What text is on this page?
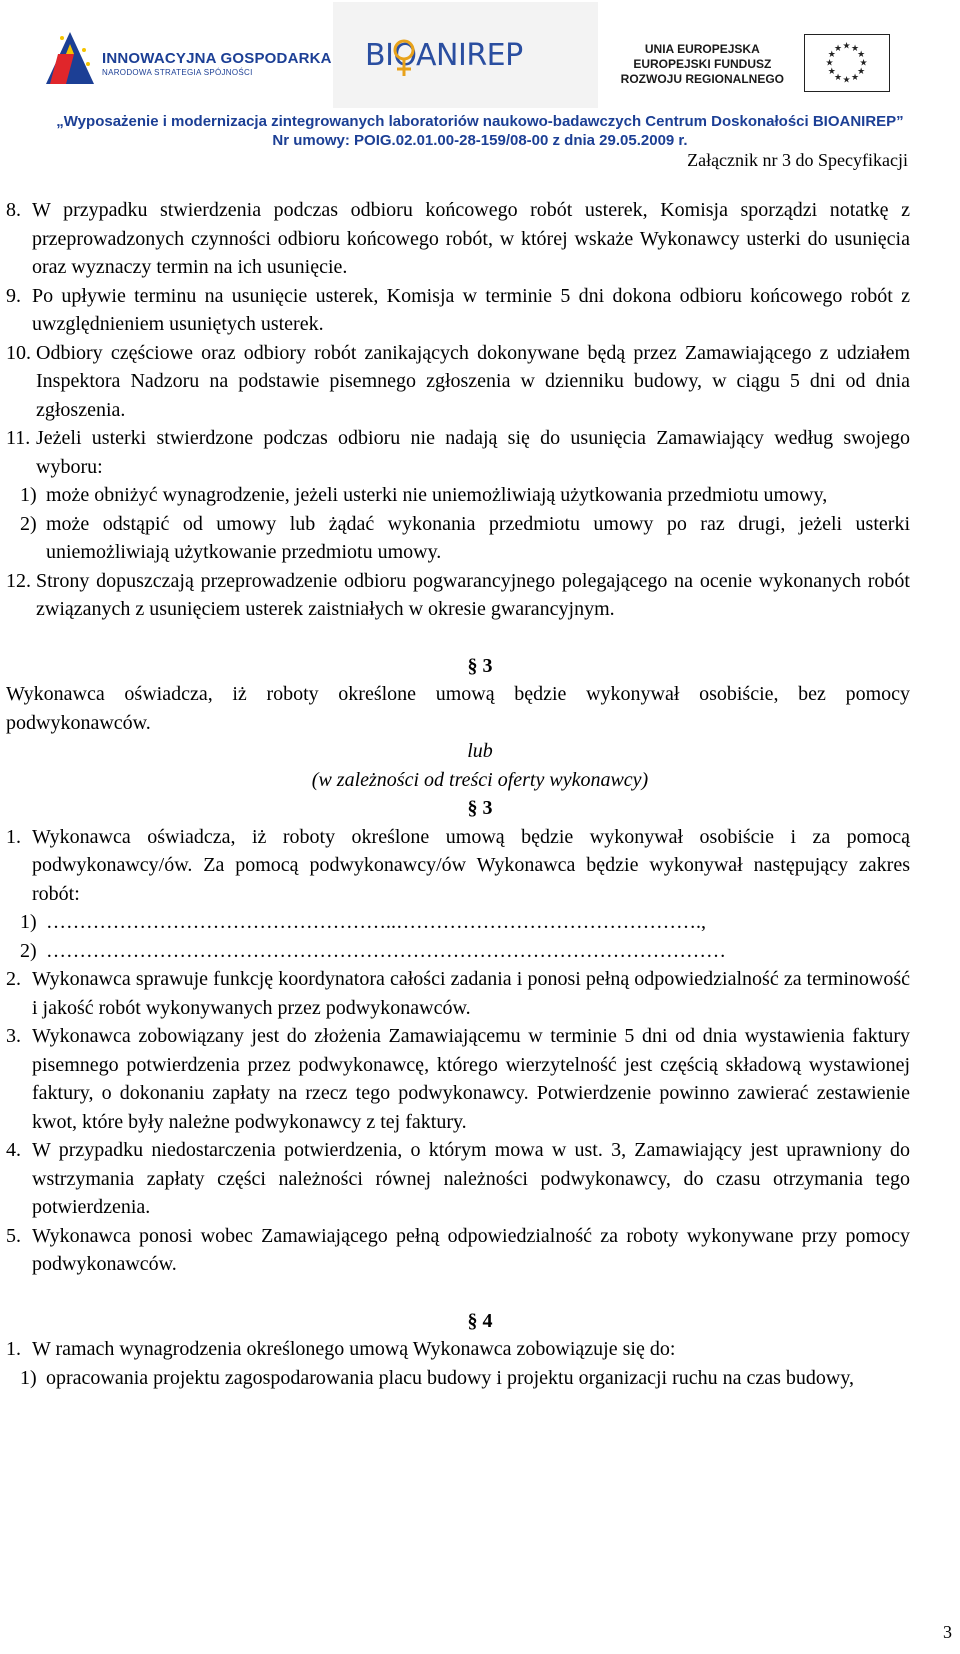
INNOWACYJNA GOSPODARKA
NARODOWA STRATEGIA SPÓJNOŚCI	BIOANIREP	UNIA EUROPEJSKA
EUROPEJSKI FUNDUSZ
ROZWOJU REGIONALNEGO
★ ★
★
★
★
★
★
★
★
★
★
★
„Wyposażenie i modernizacja zintegrowanych laboratoriów naukowo-badawczych Centrum Doskonałości BIOANIREP”
Nr umowy: POIG.02.01.00-28-159/08-00 z dnia 29.05.2009 r.
Załącznik nr 3 do Specyfikacji
8. W przypadku stwierdzenia podczas odbioru końcowego robót usterek, Komisja sporządzi notatkę z przeprowadzonych czynności odbioru końcowego robót, w której wskaże Wykonawcy usterki do usunięcia oraz wyznaczy termin na ich usunięcie.
9. Po upływie terminu na usunięcie usterek, Komisja w terminie 5 dni dokona odbioru końcowego robót z uwzględnieniem usuniętych usterek.
10. Odbiory częściowe oraz odbiory robót zanikających dokonywane będą przez Zamawiającego z udziałem Inspektora Nadzoru na podstawie pisemnego zgłoszenia w dzienniku budowy, w ciągu 5 dni od dnia zgłoszenia.
11. Jeżeli usterki stwierdzone podczas odbioru nie nadają się do usunięcia Zamawiający według swojego wyboru:
1) może obniżyć wynagrodzenie, jeżeli usterki nie uniemożliwiają użytkowania przedmiotu umowy,
2) może odstąpić od umowy lub żądać wykonania przedmiotu umowy po raz drugi, jeżeli usterki uniemożliwiają użytkowanie przedmiotu umowy.
12. Strony dopuszczają przeprowadzenie odbioru pogwarancyjnego polegającego na ocenie wykonanych robót związanych z usunięciem usterek zaistniałych w okresie gwarancyjnym.
§ 3
Wykonawca oświadcza, iż roboty określone umową będzie wykonywał osobiście, bez pomocy podwykonawców.
lub
(w zależności od treści oferty wykonawcy)
§ 3
1. Wykonawca oświadcza, iż roboty określone umową będzie wykonywał osobiście i za pomocą podwykonawcy/ów. Za pomocą podwykonawcy/ów Wykonawca będzie wykonywał następujący zakres robót:
1) ……………………………………………..……………………………………….,
2) …………………………………………………………………………………………
2. Wykonawca sprawuje funkcję koordynatora całości zadania i ponosi pełną odpowiedzialność za terminowość i jakość robót wykonywanych przez podwykonawców.
3. Wykonawca zobowiązany jest do złożenia Zamawiającemu w terminie 5 dni od dnia wystawienia faktury pisemnego potwierdzenia przez podwykonawcę, którego wierzytelność jest częścią składową wystawionej faktury, o dokonaniu zapłaty na rzecz tego podwykonawcy. Potwierdzenie powinno zawierać zestawienie kwot, które były należne podwykonawcy z tej faktury.
4. W przypadku niedostarczenia potwierdzenia, o którym mowa w ust. 3, Zamawiający jest uprawniony do wstrzymania zapłaty części należności równej należności podwykonawcy, do czasu otrzymania tego potwierdzenia.
5. Wykonawca ponosi wobec Zamawiającego pełną odpowiedzialność za roboty wykonywane przy pomocy podwykonawców.
§ 4
1. W ramach wynagrodzenia określonego umową Wykonawca zobowiązuje się do:
1) opracowania projektu zagospodarowania placu budowy i projektu organizacji ruchu na czas budowy,
3
